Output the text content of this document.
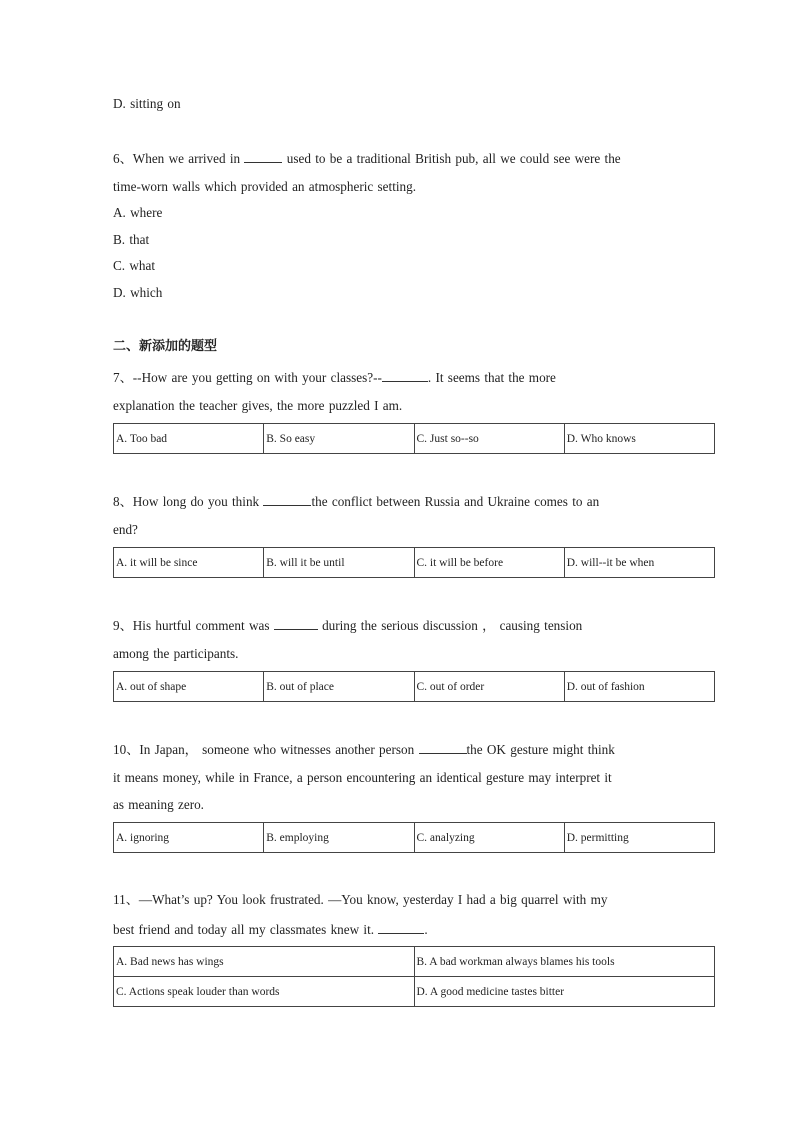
D. sitting on
6、When we arrived in	used to be a traditional British pub, all we could see were the
time-worn walls which provided an atmospheric setting.
A. where
B. that
C. what
D. which
二、新添加的题型
7、--How are you getting on with your classes?--	. It seems that the more
explanation the teacher gives, the more puzzled I am.
A. Too bad	B. So easy	C. Just so--so	D. Who knows
8、How long do you think	the conflict between Russia and Ukraine comes to an
end?
A. it will be since	B. will it be until	C. it will be before	D. will--it be when
9、His hurtful comment was	during the serious discussion ， causing tension
among the participants.
A. out of shape	B. out of place	C. out of order	D. out of fashion
10、In Japan， someone who witnesses another person	the OK gesture might think
it means money, while in France, a person encountering an identical gesture may interpret it
as meaning zero.
A. ignoring	B. employing	C. analyzing	D. permitting
11、—What’s up? You look frustrated. —You know, yesterday I had a big quarrel with my
best friend and today all my classmates knew it.	.
A. Bad news has wings	B. A bad workman always blames his tools
C. Actions speak louder than words	D. A good medicine tastes bitter
